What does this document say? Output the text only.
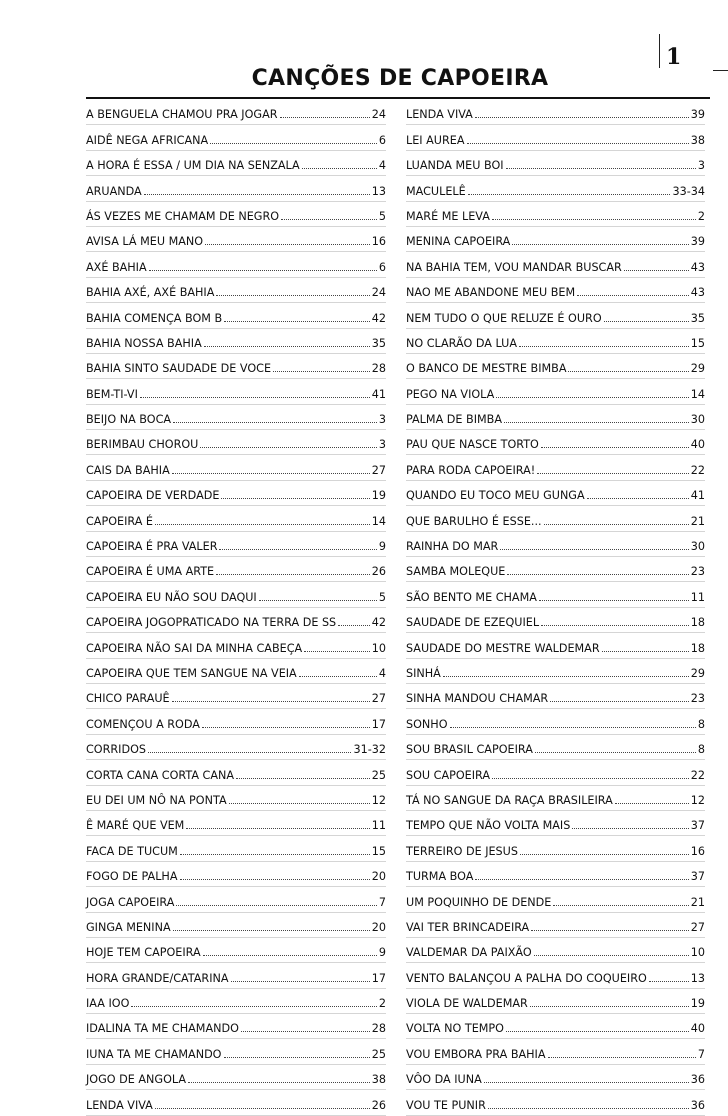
1
CANÇÕES DE CAPOEIRA
A BENGUELA CHAMOU PRA JOGAR	24
AIDÊ NEGA AFRICANA	6
A HORA É ESSA / UM DIA NA SENZALA	4
ARUANDA	13
ÁS VEZES ME CHAMAM DE NEGRO	5
AVISA LÁ MEU MANO	16
AXÉ BAHIA	6
BAHIA AXÉ, AXÉ BAHIA	24
BAHIA COMENÇA BOM B	42
BAHIA NOSSA BAHIA	35
BAHIA SINTO SAUDADE DE VOCE	28
BEM-TI-VI	41
BEIJO NA BOCA	3
BERIMBAU CHOROU	3
CAIS DA BAHIA	27
CAPOEIRA DE VERDADE	19
CAPOEIRA É	14
CAPOEIRA É PRA VALER	9
CAPOEIRA É UMA ARTE	26
CAPOEIRA EU NÃO SOU DAQUI	5
CAPOEIRA JOGOPRATICADO NA TERRA DE SS	42
CAPOEIRA NÃO SAI DA MINHA CABEÇA	10
CAPOEIRA QUE TEM SANGUE NA VEIA	4
CHICO PARAUÊ	27
COMENÇOU A RODA	17
CORRIDOS	31-32
CORTA CANA CORTA CANA	25
EU DEI UM NÔ NA PONTA	12
Ê MARÉ QUE VEM	11
FACA DE TUCUM	15
FOGO DE PALHA	20
JOGA CAPOEIRA	7
GINGA MENINA	20
HOJE TEM CAPOEIRA	9
HORA GRANDE/CATARINA	17
IAA IOO	2
IDALINA TA ME CHAMANDO	28
IUNA TA ME CHAMANDO	25
JOGO DE ANGOLA	38
LENDA VIVA	26
LENDA VIVA	39
LEI AUREA	38
LUANDA MEU BOI	3
MACULELÊ	33-34
MARÉ ME LEVA	2
MENINA CAPOEIRA	39
NA BAHIA TEM, VOU MANDAR BUSCAR	43
NAO ME ABANDONE MEU BEM	43
NEM TUDO O QUE RELUZE É OURO	35
NO CLARÃO DA LUA	15
O BANCO DE MESTRE BIMBA	29
PEGO NA VIOLA	14
PALMA DE BIMBA	30
PAU QUE NASCE TORTO	40
PARA RODA CAPOEIRA!	22
QUANDO EU TOCO MEU GUNGA	41
QUE BARULHO É ESSE...	21
RAINHA DO MAR	30
SAMBA MOLEQUE	23
SÃO BENTO ME CHAMA	11
SAUDADE DE EZEQUIEL	18
SAUDADE DO MESTRE WALDEMAR	18
SINHÁ	29
SINHA MANDOU CHAMAR	23
SONHO	8
SOU BRASIL CAPOEIRA	8
SOU CAPOEIRA	22
TÁ NO SANGUE DA RAÇA BRASILEIRA	12
TEMPO QUE NÃO VOLTA MAIS	37
TERREIRO DE JESUS	16
TURMA BOA	37
UM POQUINHO DE DENDE	21
VAI TER BRINCADEIRA	27
VALDEMAR DA PAIXÃO	10
VENTO BALANÇOU A PALHA DO COQUEIRO	13
VIOLA DE WALDEMAR	19
VOLTA NO TEMPO	40
VOU EMBORA PRA BAHIA	7
VÔO DA IUNA	36
VOU TE PUNIR	36
